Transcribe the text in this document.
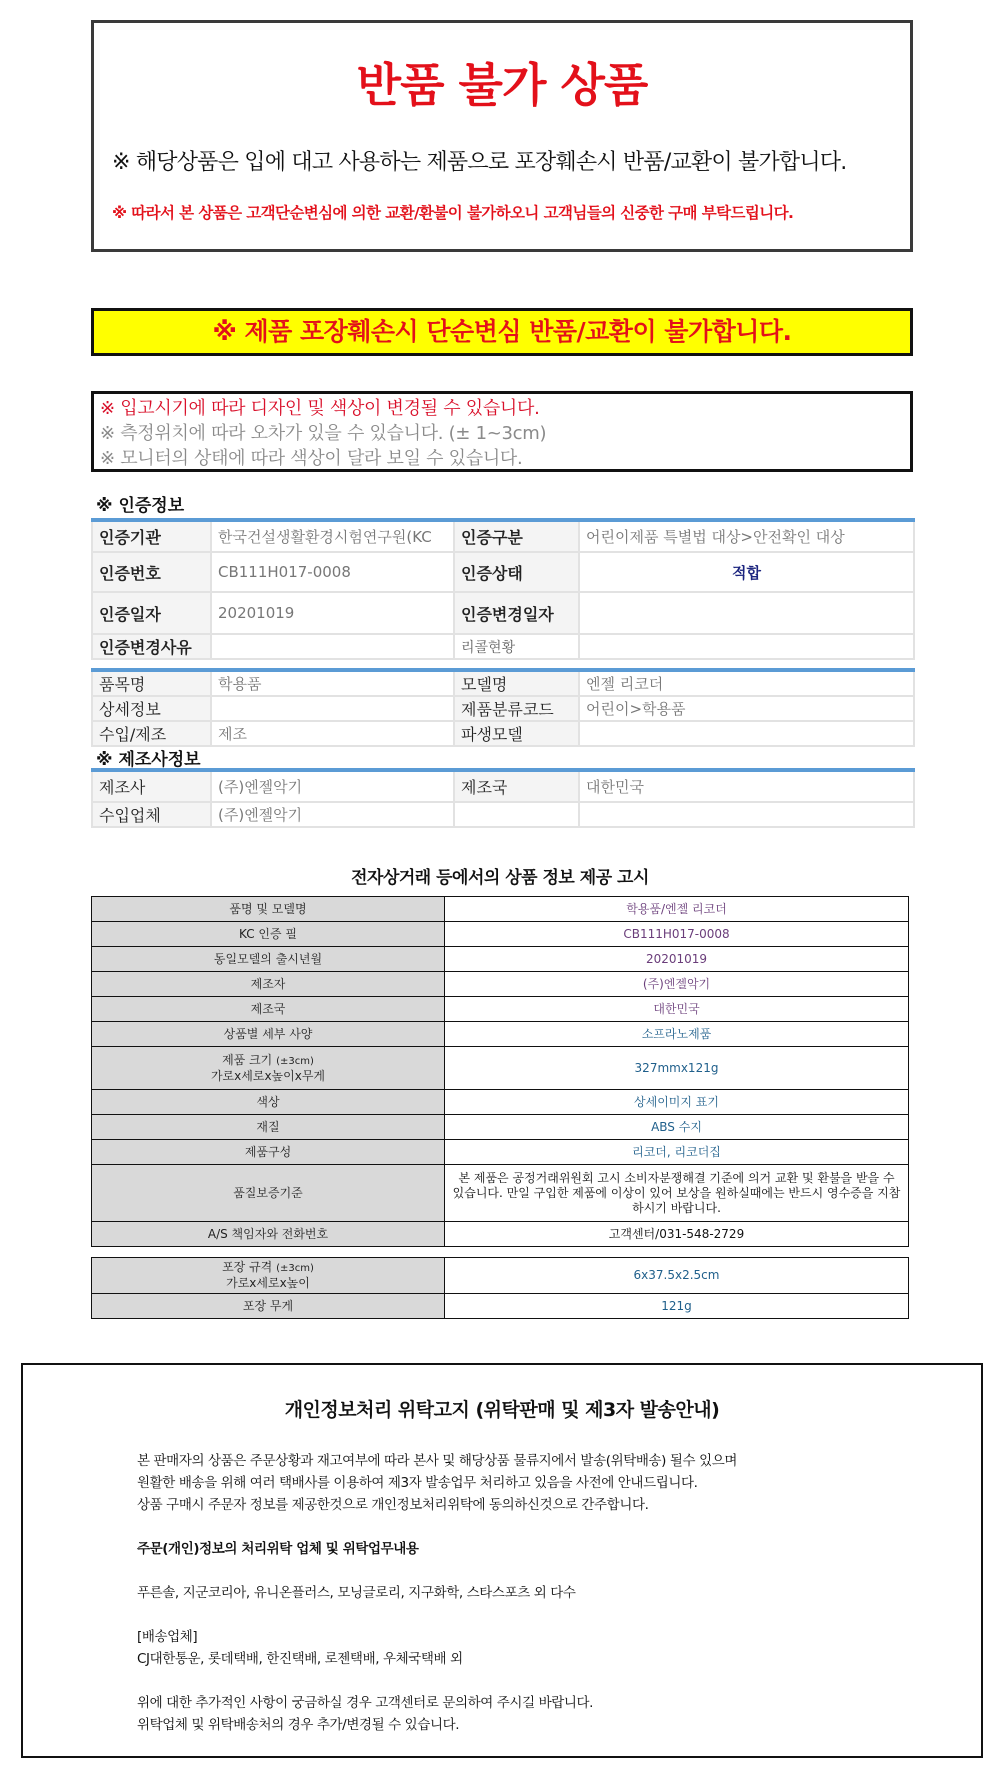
반품 불가 상품
※ 해당상품은 입에 대고 사용하는 제품으로 포장훼손시 반품/교환이 불가합니다.
※ 따라서 본 상품은 고객단순변심에 의한 교환/환불이 불가하오니 고객님들의 신중한 구매 부탁드립니다.
※ 제품 포장훼손시 단순변심 반품/교환이 불가합니다.
※ 입고시기에 따라 디자인 및 색상이 변경될 수 있습니다.
※ 측정위치에 따라 오차가 있을 수 있습니다. (± 1~3cm)
※ 모니터의 상태에 따라 색상이 달라 보일 수 있습니다.
※ 인증정보
인증기관	한국건설생활환경시험연구원(KC	인증구분	어린이제품 특별법 대상>안전확인 대상
인증번호	CB111H017-0008	인증상태	적합
인증일자	20201019	인증변경일자	
인증변경사유		리콜현황	
품목명	학용품	모델명	엔젤 리코더
상세정보		제품분류코드	어린이>학용품
수입/제조	제조	파생모델	
※ 제조사정보
제조사	(주)엔젤악기	제조국	대한민국
수입업체	(주)엔젤악기		
전자상거래 등에서의 상품 정보 제공 고시
품명 및 모델명	학용품/엔젤 리코더
KC 인증 필	CB111H017-0008
동일모델의 출시년월	20201019
제조자	(주)엔젤악기
제조국	대한민국
상품별 세부 사양	소프라노제품
제품 크기 (±3cm)
가로x세로x높이x무게	327mmx121g
색상	상세이미지 표기
재질	ABS 수지
제품구성	리코더, 리코더집
품질보증기준	본 제품은 공정거래위원회 고시 소비자분쟁해결 기준에 의거 교환 및 환불을 받을 수 있습니다. 만일 구입한 제품에 이상이 있어 보상을 원하실때에는 반드시 영수증을 지참하시기 바랍니다.
A/S 책임자와 전화번호	고객센터/031-548-2729
포장 규격 (±3cm)
가로x세로x높이	6x37.5x2.5cm
포장 무게	121g
개인정보처리 위탁고지 (위탁판매 및 제3자 발송안내)
본 판매자의 상품은 주문상황과 재고여부에 따라 본사 및 해당상품 물류지에서 발송(위탁배송) 될수 있으며
원활한 배송을 위해 여러 택배사를 이용하여 제3자 발송업무 처리하고 있음을 사전에 안내드립니다.
상품 구매시 주문자 정보를 제공한것으로 개인정보처리위탁에 동의하신것으로 간주합니다.
주문(개인)정보의 처리위탁 업체 및 위탁업무내용
푸른솔, 지군코리아, 유니온플러스, 모닝글로리, 지구화학, 스타스포츠 외 다수
[배송업체]
CJ대한통운, 롯데택배, 한진택배, 로젠택배, 우체국택배 외
위에 대한 추가적인 사항이 궁금하실 경우 고객센터로 문의하여 주시길 바랍니다.
위탁업체 및 위탁배송처의 경우 추가/변경될 수 있습니다.
